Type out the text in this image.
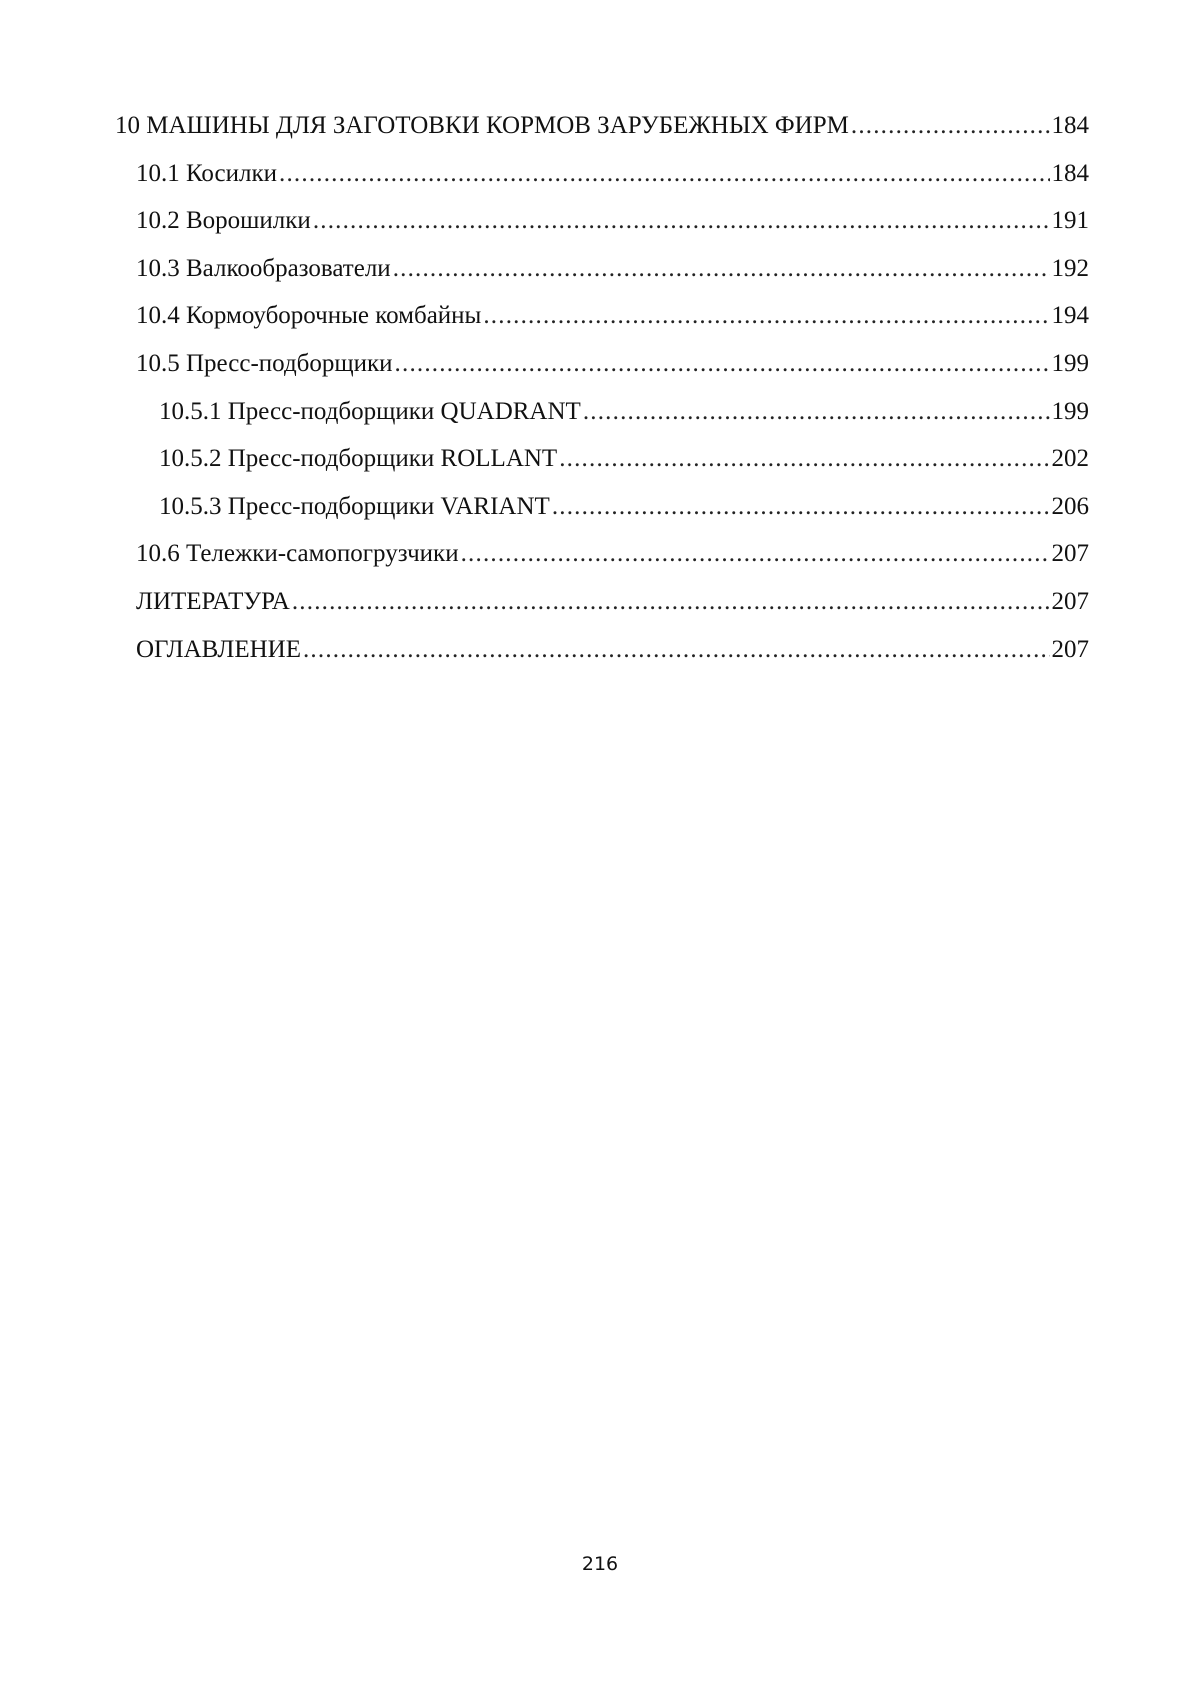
10 МАШИНЫ ДЛЯ ЗАГОТОВКИ КОРМОВ ЗАРУБЕЖНЫХ ФИРМ .....	184
10.1 Косилки .....	184
10.2 Ворошилки .....	191
10.3 Валкообразователи .....	192
10.4 Кормоуборочные комбайны .....	194
10.5 Пресс-подборщики .....	199
10.5.1 Пресс-подборщики QUADRANT .....	199
10.5.2 Пресс-подборщики ROLLANT .....	202
10.5.3 Пресс-подборщики VARIANT .....	206
10.6 Тележки-самопогрузчики .....	207
ЛИТЕРАТУРА .....	207
ОГЛАВЛЕНИЕ .....	207
216
